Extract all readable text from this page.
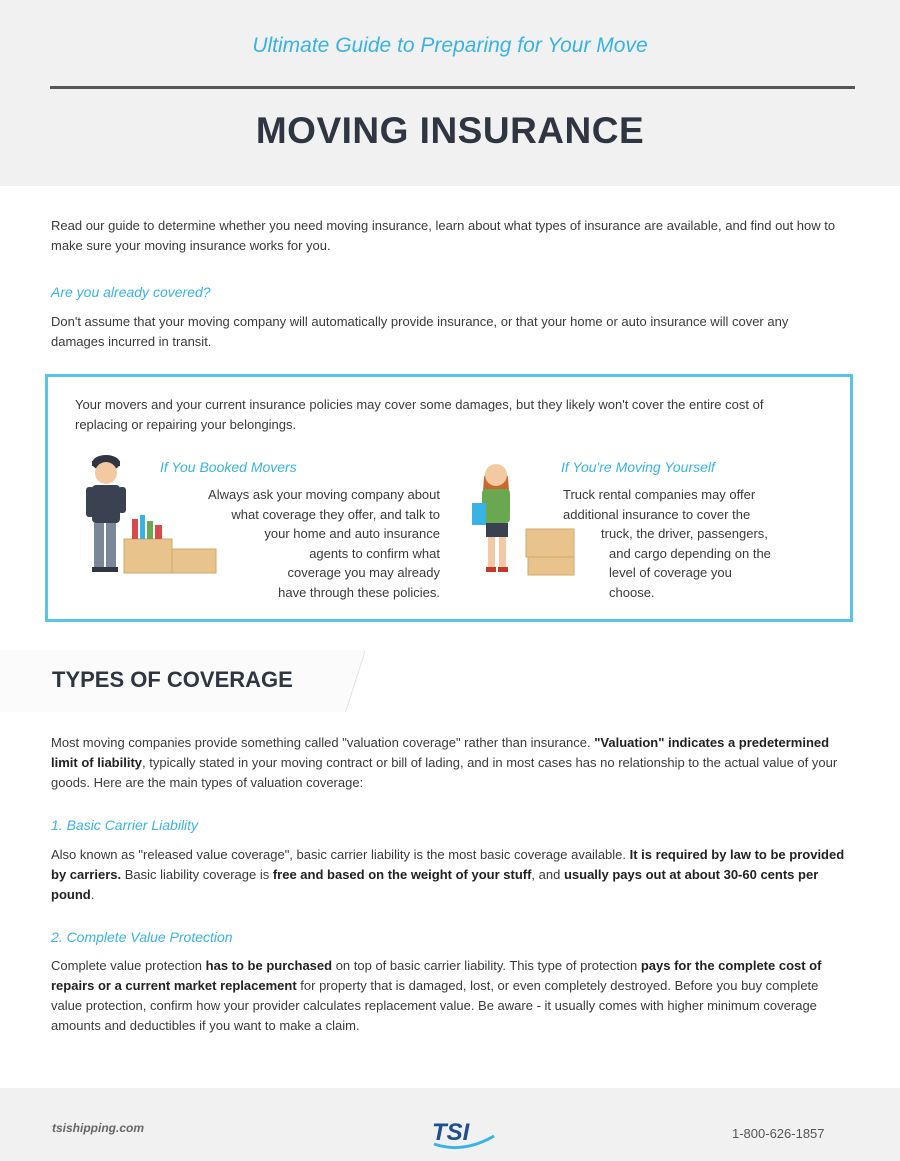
Ultimate Guide to Preparing for Your Move
MOVING INSURANCE

Read our guide to determine whether you need moving insurance, learn about what types of insurance are available, and find out how to make sure your moving insurance works for you.

Are you already covered?

Don't assume that your moving company will automatically provide insurance, or that your home or auto insurance will cover any damages incurred in transit.

Your movers and your current insurance policies may cover some damages, but they likely won't cover the entire cost of replacing or repairing your belongings.

If You Booked Movers
Always ask your moving company about
what coverage they offer, and talk to
your home and auto insurance
agents to confirm what
coverage you may already
have through these policies.
If You're Moving Yourself
Truck rental companies may offer
additional insurance to cover the
truck, the driver, passengers,
and cargo depending on the
level of coverage you
choose.
TYPES OF COVERAGE

Most moving companies provide something called "valuation coverage" rather than insurance. "Valuation" indicates a predetermined limit of liability, typically stated in your moving contract or bill of lading, and in most cases has no relationship to the actual value of your goods. Here are the main types of valuation coverage:

1. Basic Carrier Liability

Also known as "released value coverage", basic carrier liability is the most basic coverage available. It is required by law to be provided by carriers. Basic liability coverage is free and based on the weight of your stuff, and usually pays out at about 30-60 cents per pound.

2. Complete Value Protection

Complete value protection has to be purchased on top of basic carrier liability. This type of protection pays for the complete cost of repairs or a current market replacement for property that is damaged, lost, or even completely destroyed. Before you buy complete value protection, confirm how your provider calculates replacement value. Be aware - it usually comes with higher minimum coverage amounts and deductibles if you want to make a claim.

tsishipping.com	TSI	1-800-626-1857
